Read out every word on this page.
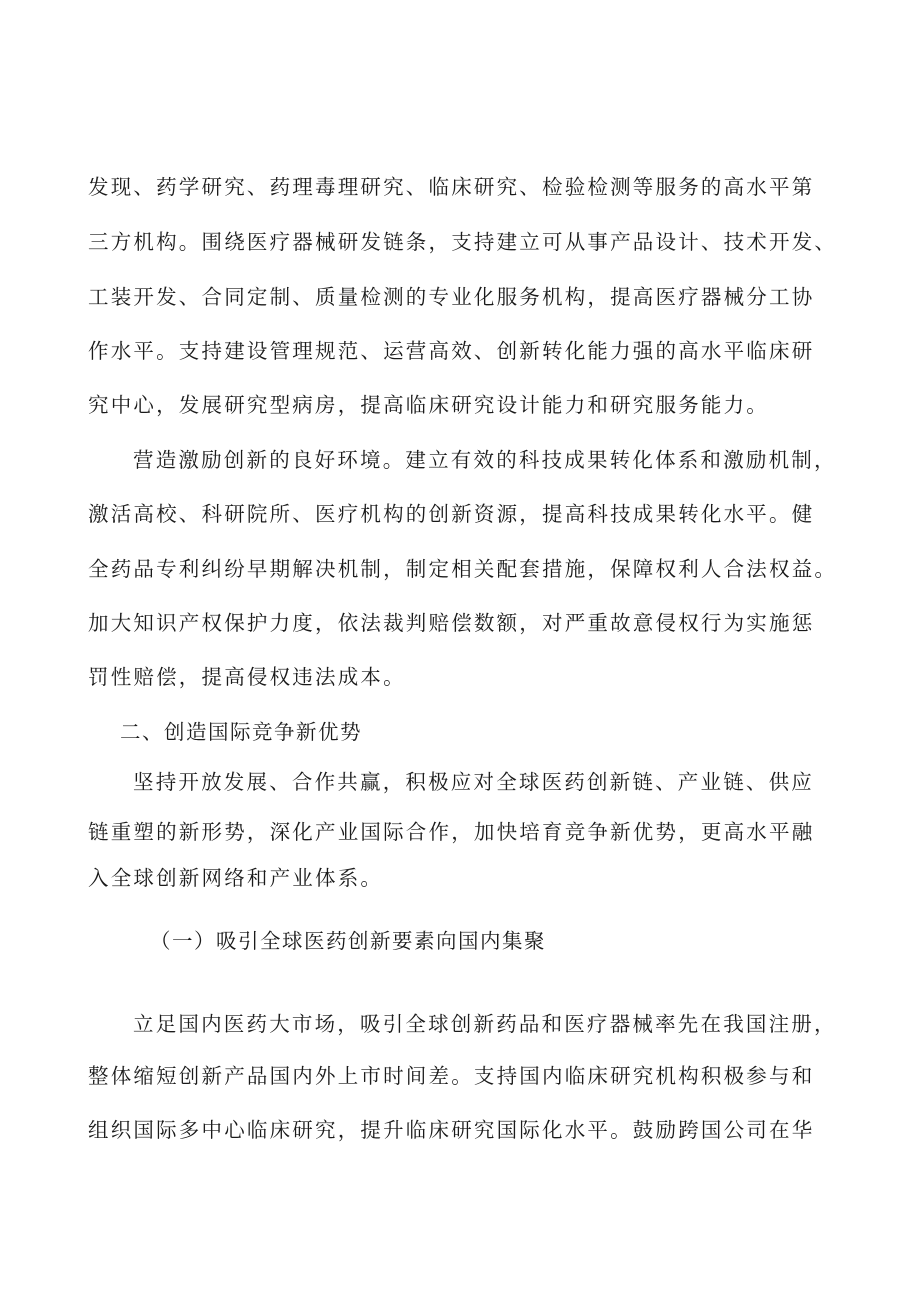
发现、药学研究、药理毒理研究、临床研究、检验检测等服务的高水平第
三方机构。围绕医疗器械研发链条，支持建立可从事产品设计、技术开发、
工装开发、合同定制、质量检测的专业化服务机构，提高医疗器械分工协
作水平。支持建设管理规范、运营高效、创新转化能力强的高水平临床研
究中心，发展研究型病房，提高临床研究设计能力和研究服务能力。
营造激励创新的良好环境。建立有效的科技成果转化体系和激励机制，
激活高校、科研院所、医疗机构的创新资源，提高科技成果转化水平。健
全药品专利纠纷早期解决机制，制定相关配套措施，保障权利人合法权益。
加大知识产权保护力度，依法裁判赔偿数额，对严重故意侵权行为实施惩
罚性赔偿，提高侵权违法成本。
二、创造国际竞争新优势
坚持开放发展、合作共赢，积极应对全球医药创新链、产业链、供应
链重塑的新形势，深化产业国际合作，加快培育竞争新优势，更高水平融
入全球创新网络和产业体系。
（一）吸引全球医药创新要素向国内集聚
立足国内医药大市场，吸引全球创新药品和医疗器械率先在我国注册，
整体缩短创新产品国内外上市时间差。支持国内临床研究机构积极参与和
组织国际多中心临床研究，提升临床研究国际化水平。鼓励跨国公司在华
